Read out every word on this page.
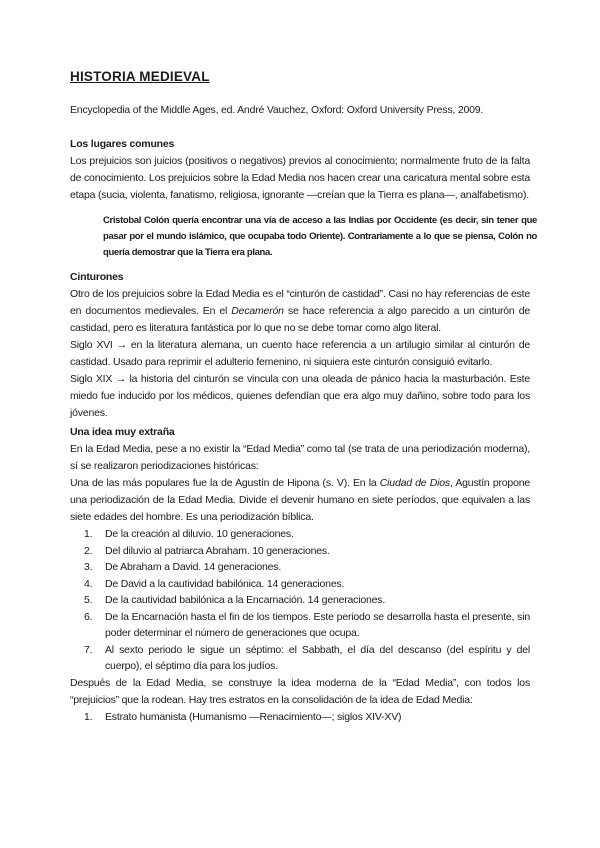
HISTORIA MEDIEVAL

Encyclopedia of the Middle Ages, ed. André Vauchez, Oxford: Oxford University Press, 2009.

Los lugares comunes

Los prejuicios son juicios (positivos o negativos) previos al conocimiento; normalmente fruto de la falta de conocimiento. Los prejuicios sobre la Edad Media nos hacen crear una caricatura mental sobre esta etapa (sucia, violenta, fanatismo, religiosa, ignorante —creían que la Tierra es plana—, analfabetismo).

Cristobal Colón quería encontrar una vía de acceso a las Indias por Occidente (es decir, sin tener que pasar por el mundo islámico, que ocupaba todo Oriente). Contrariamente a lo que se piensa, Colón no quería demostrar que la Tierra era plana.
Cinturones

Otro de los prejuicios sobre la Edad Media es el “cinturón de castidad”. Casi no hay referencias de este en documentos medievales. En el Decamerón se hace referencia a algo parecido a un cinturón de castidad, pero es literatura fantástica por lo que no se debe tomar como algo literal.

Siglo XVI → en la literatura alemana, un cuento hace referencia a un artilugio similar al cinturón de castidad. Usado para reprimir el adulterio femenino, ni siquiera este cinturón consiguió evitarlo.

Siglo XIX → la historia del cinturón se vincula con una oleada de pánico hacia la masturbación. Este miedo fue inducido por los médicos, quienes defendían que era algo muy dañino, sobre todo para los jóvenes.

Una idea muy extraña

En la Edad Media, pese a no existir la “Edad Media” como tal (se trata de una periodización moderna), sí se realizaron periodizaciones históricas:

Una de las más populares fue la de Agustín de Hipona (s. V). En la Ciudad de Dios, Agustín propone una periodización de la Edad Media. Divide el devenir humano en siete períodos, que equivalen a las siete edades del hombre. Es una periodización bíblica.

1.	De la creación al diluvio. 10 generaciones.
2.	Del diluvio al patriarca Abraham. 10 generaciones.
3.	De Abraham a David. 14 generaciones.
4.	De David a la cautividad babilónica. 14 generaciones.
5.	De la cautividad babilónica a la Encarnación. 14 generaciones.
6.	De la Encarnación hasta el fin de los tiempos. Este periodo se desarrolla hasta el presente, sin poder determinar el número de generaciones que ocupa.
7.	Al sexto periodo le sigue un séptimo: el Sabbath, el día del descanso (del espíritu y del cuerpo), el séptimo día para los judíos.

Después de la Edad Media, se construye la idea moderna de la “Edad Media”, con todos los “prejuicios” que la rodean. Hay tres estratos en la consolidación de la idea de Edad Media:

1.	Estrato humanista (Humanismo —Renacimiento—; siglos XIV-XV)
